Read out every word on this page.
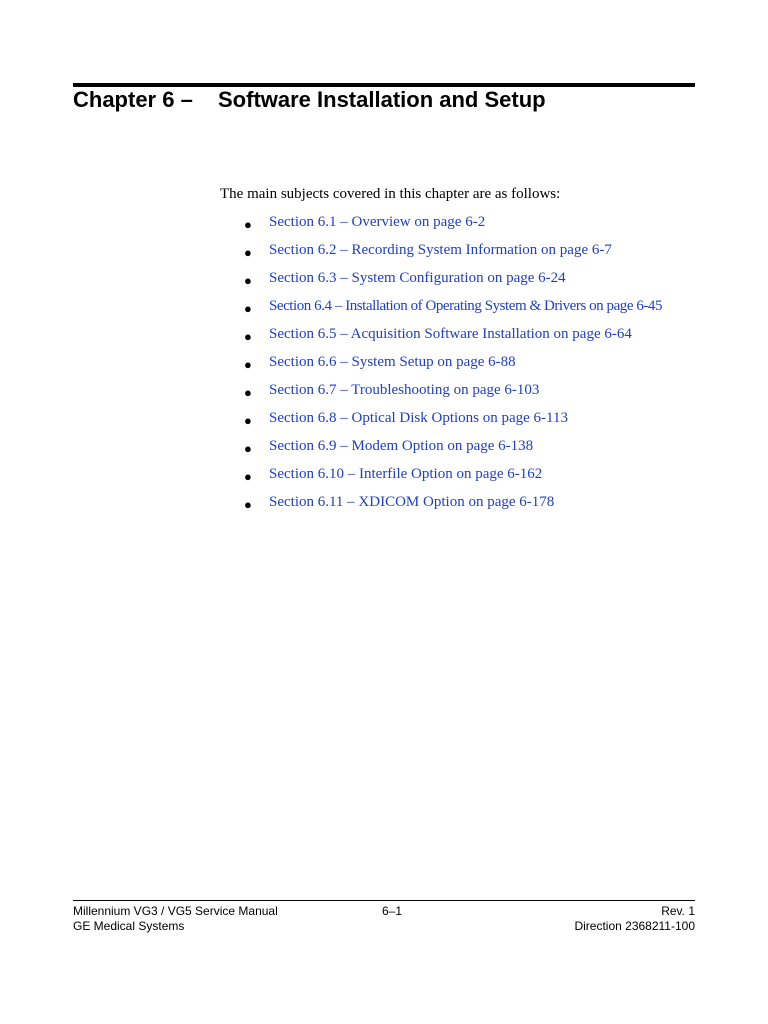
Chapter 6 – Software Installation and Setup
The main subjects covered in this chapter are as follows:
● Section 6.1 – Overview on page 6-2
● Section 6.2 – Recording System Information on page 6-7
● Section 6.3 – System Configuration on page 6-24
● Section 6.4 – Installation of Operating System & Drivers on page 6-45
● Section 6.5 – Acquisition Software Installation on page 6-64
● Section 6.6 – System Setup on page 6-88
● Section 6.7 – Troubleshooting on page 6-103
● Section 6.8 – Optical Disk Options on page 6-113
● Section 6.9 – Modem Option on page 6-138
● Section 6.10 – Interfile Option on page 6-162
● Section 6.11 – XDICOM Option on page 6-178
Millennium VG3 / VG5 Service Manual
GE Medical Systems
6–1	Rev. 1
Direction 2368211-100
